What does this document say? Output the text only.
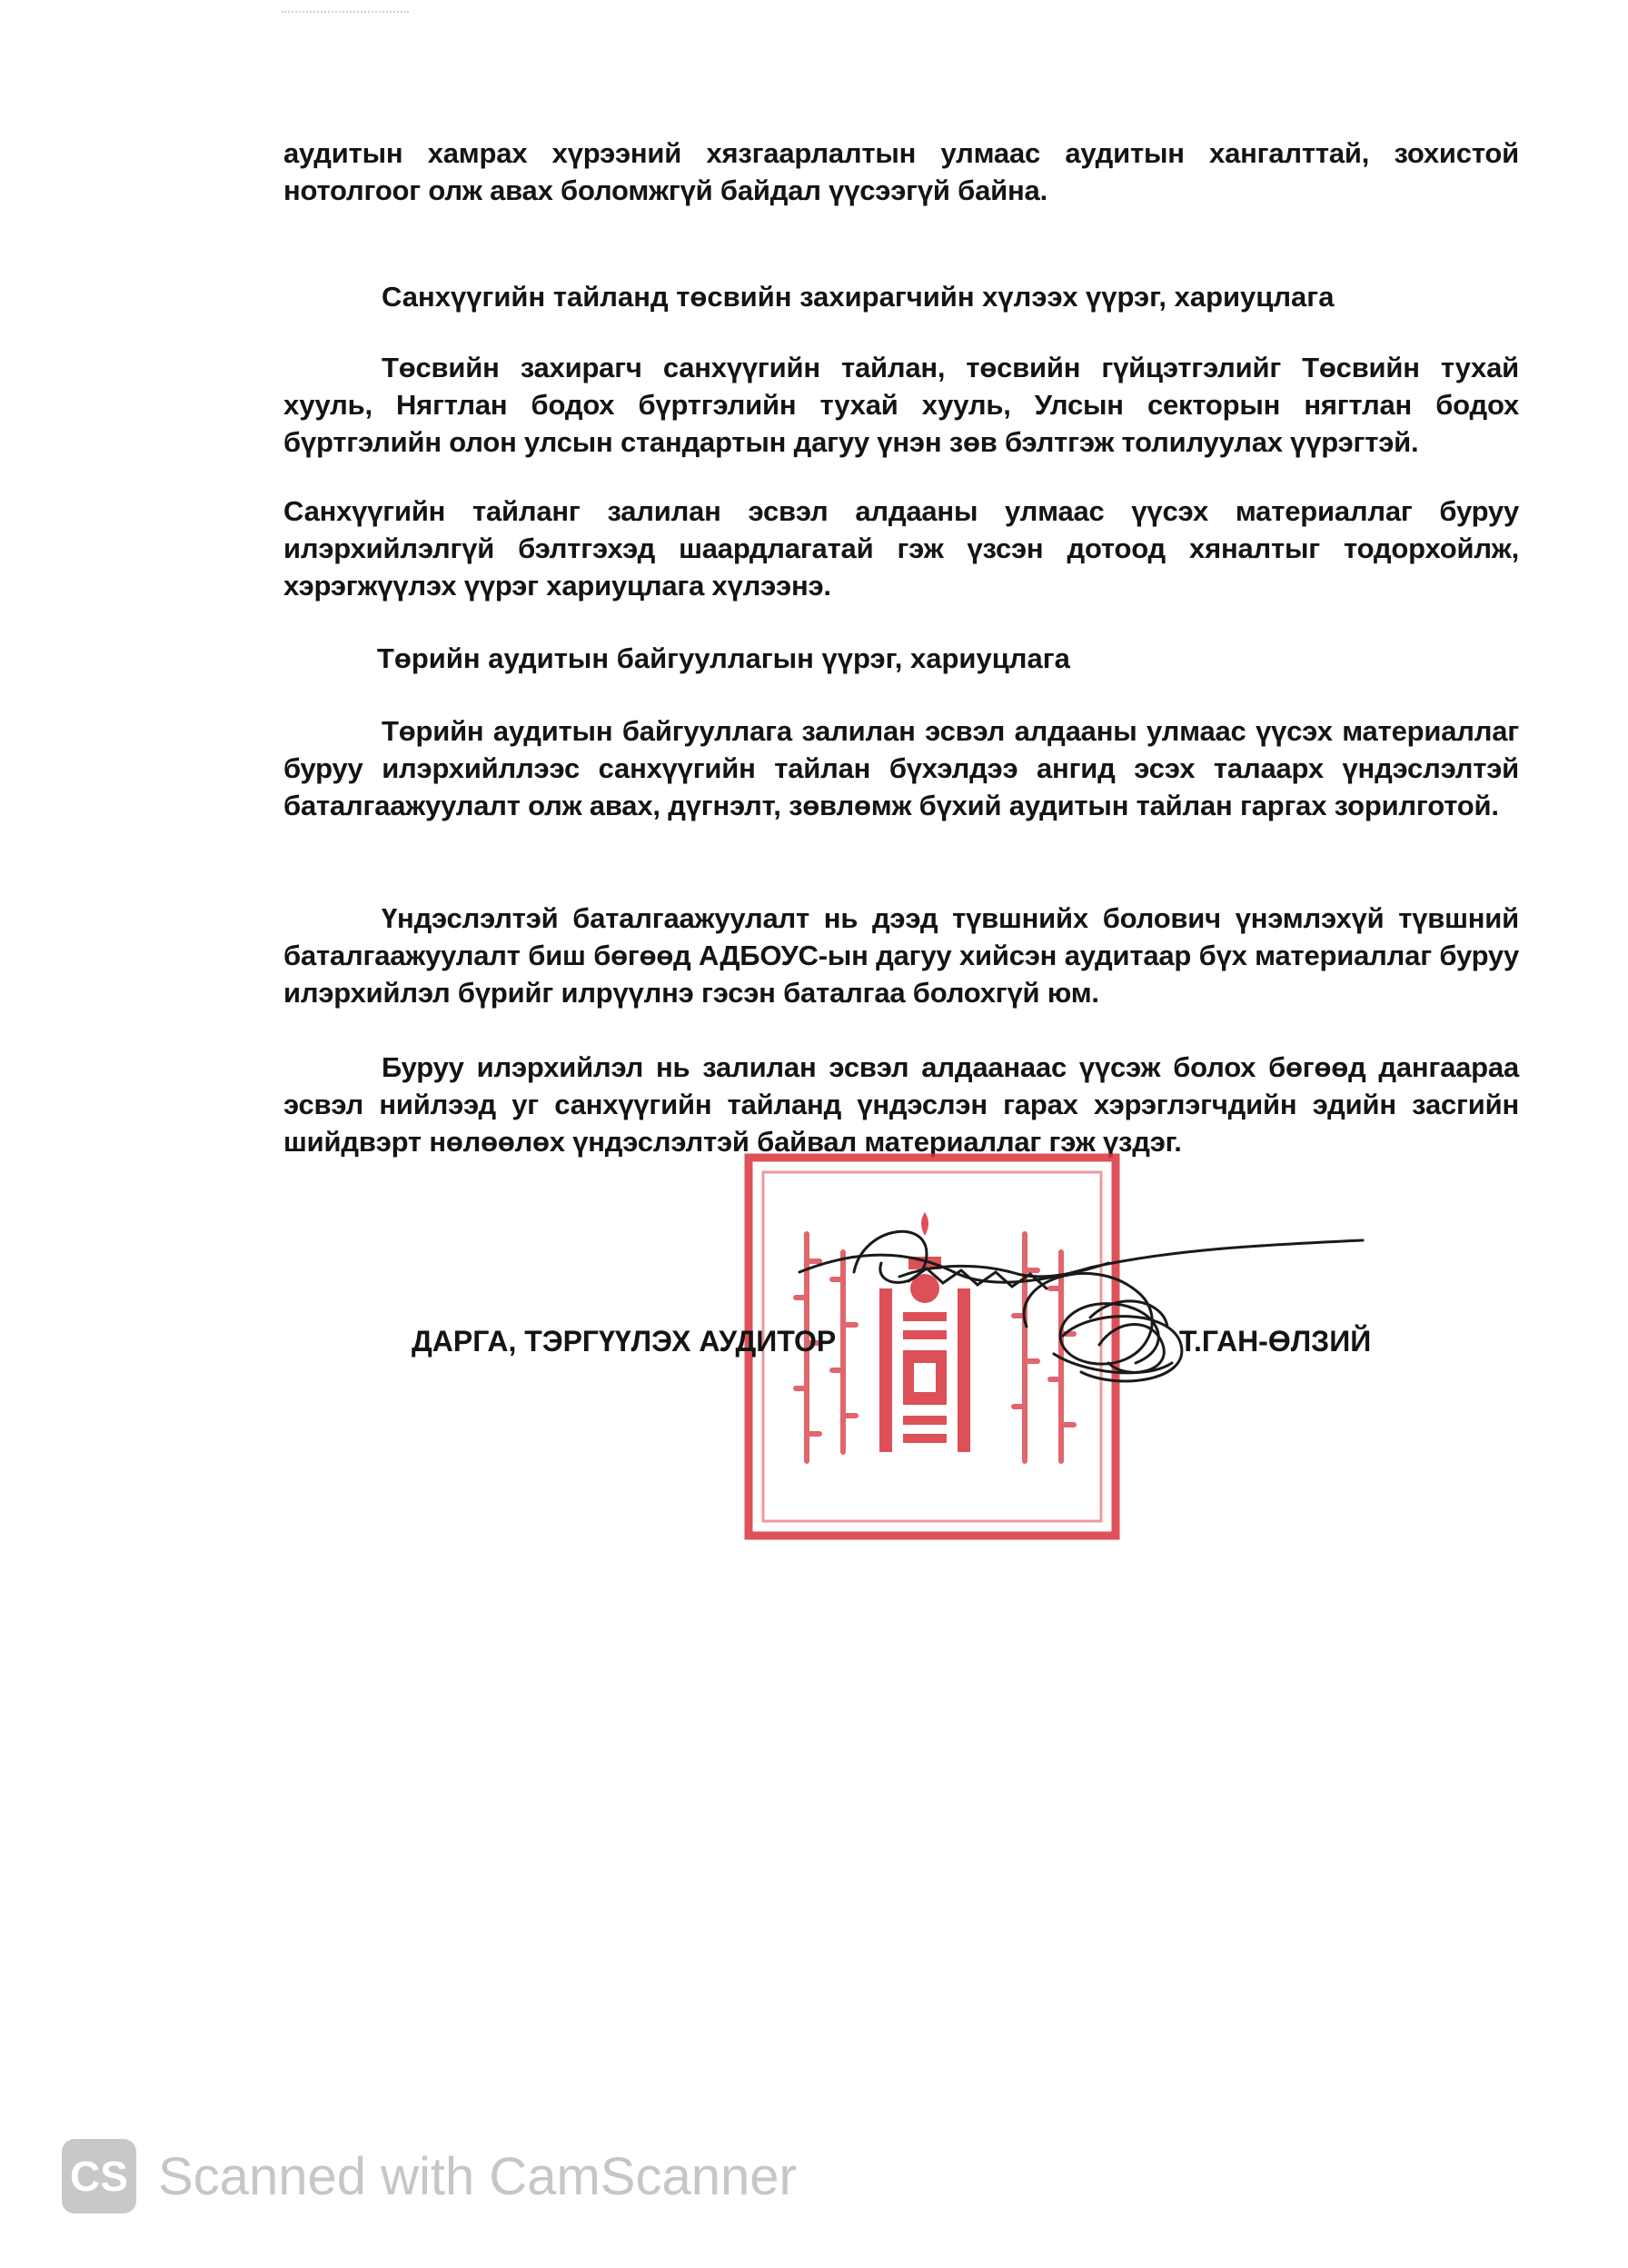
аудитын хамрах хүрээний хязгаарлалтын улмаас аудитын хангалттай, зохистой нотолгоог олж авах боломжгүй байдал үүсээгүй байна.

Санхүүгийн тайланд төсвийн захирагчийн хүлээх үүрэг, хариуцлага

Төсвийн захирагч санхүүгийн тайлан, төсвийн гүйцэтгэлийг Төсвийн тухай хууль, Нягтлан бодох бүртгэлийн тухай хууль, Улсын секторын нягтлан бодох бүртгэлийн олон улсын стандартын дагуу үнэн зөв бэлтгэж толилуулах үүрэгтэй.

Санхүүгийн тайланг залилан эсвэл алдааны улмаас үүсэх материаллаг буруу илэрхийлэлгүй бэлтгэхэд шаардлагатай гэж үзсэн дотоод хяналтыг тодорхойлж, хэрэгжүүлэх үүрэг хариуцлага хүлээнэ.

Төрийн аудитын байгууллагын үүрэг, хариуцлага

Төрийн аудитын байгууллага залилан эсвэл алдааны улмаас үүсэх материаллаг буруу илэрхийллээс санхүүгийн тайлан бүхэлдээ ангид эсэх талаарх үндэслэлтэй баталгаажуулалт олж авах, дүгнэлт, зөвлөмж бүхий аудитын тайлан гаргах зорилготой.

Үндэслэлтэй баталгаажуулалт нь дээд түвшнийх болович үнэмлэхүй түвшний баталгаажуулалт биш бөгөөд АДБОУС-ын дагуу хийсэн аудитаар бүх материаллаг буруу илэрхийлэл бүрийг илрүүлнэ гэсэн баталгаа болохгүй юм.

Буруу илэрхийлэл нь залилан эсвэл алдаанаас үүсэж болох бөгөөд дангаараа эсвэл нийлээд уг санхүүгийн тайланд үндэслэн гарах хэрэглэгчдийн эдийн засгийн шийдвэрт нөлөөлөх үндэслэлтэй байвал материаллаг гэж үздэг.

ДАРГА, ТЭРГҮҮЛЭХ АУДИТОР	Т.ГАН-ӨЛЗИЙ
CS Scanned with CamScanner
